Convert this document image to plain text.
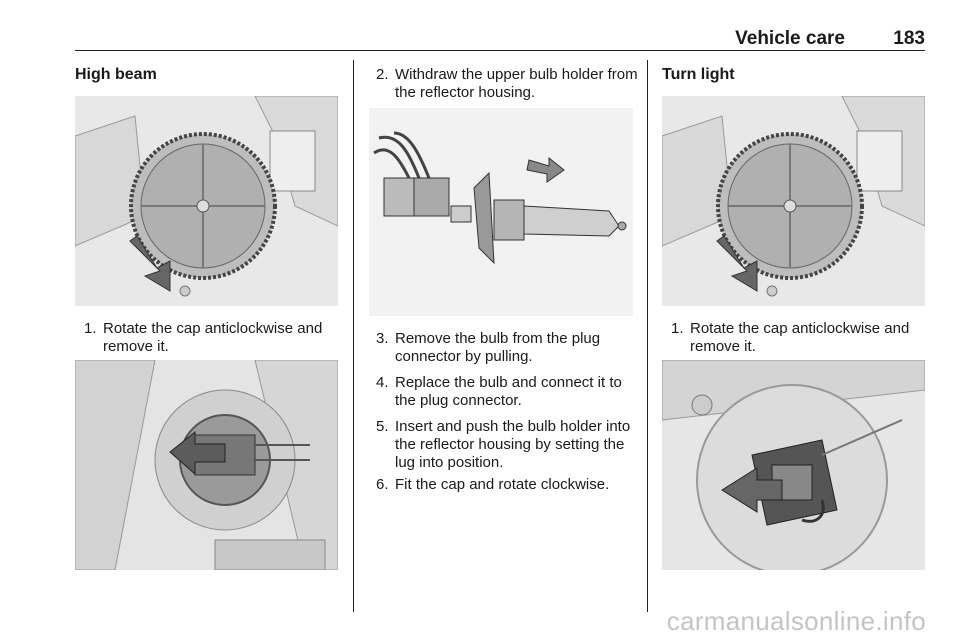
Vehicle care	183
High beam
1. Rotate the cap anticlockwise and remove it.
2. Withdraw the upper bulb holder from the reflector housing.
3. Remove the bulb from the plug connector by pulling.
4. Replace the bulb and connect it to the plug connector.
5. Insert and push the bulb holder into the reflector housing by setting the lug into position.
6. Fit the cap and rotate clockwise.
Turn light
1. Rotate the cap anticlockwise and remove it.
carmanualsonline.info
